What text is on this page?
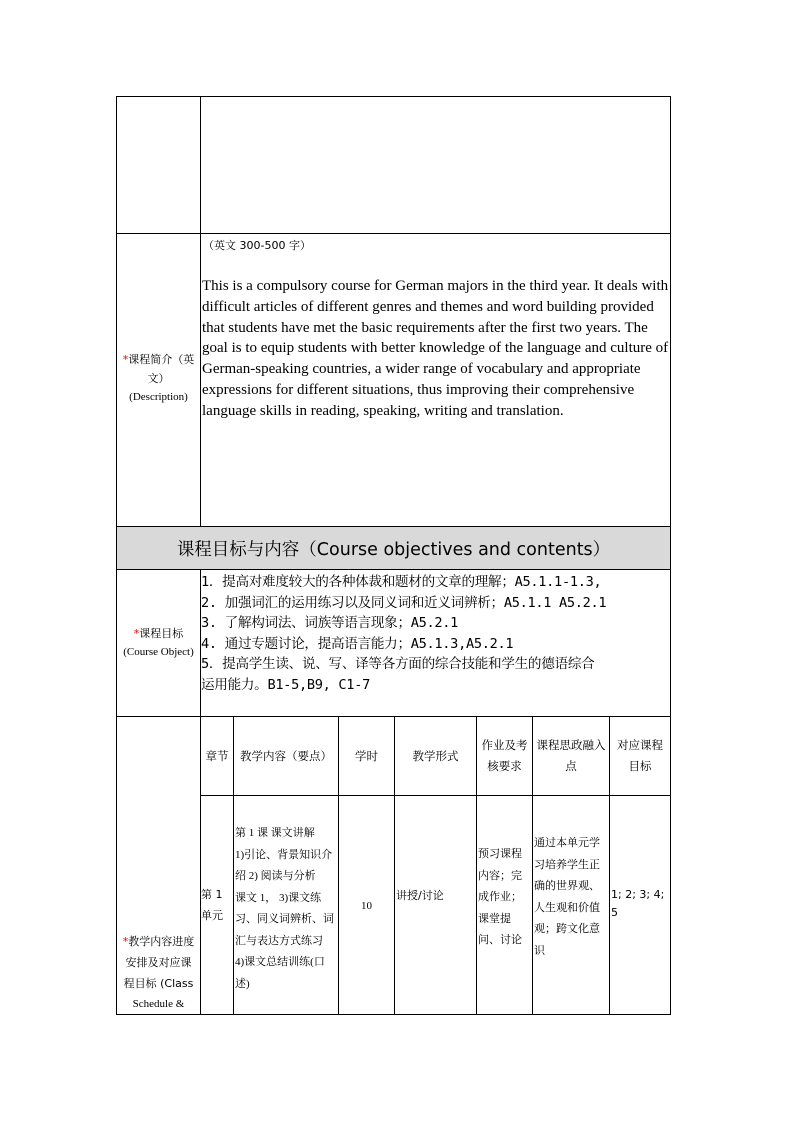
课程目标与内容（Course objectives and contents）
*课程简介（英
文）
(Description)
（英文 300-500 字）
This is a compulsory course for German majors in the third year. It deals with difficult articles of different genres and themes and word building provided that students have met the basic requirements after the first two years. The goal is to equip students with better knowledge of the language and culture of German-speaking countries, a wider range of vocabulary and appropriate expressions for different situations, thus improving their comprehensive language skills in reading, speaking, writing and translation.
*课程目标
(Course Object)
1．提高对难度较大的各种体裁和题材的文章的理解；A5.1.1-1.3,
2. 加强词汇的运用练习以及同义词和近义词辨析；A5.1.1 A5.2.1
3. 了解构词法、词族等语言现象；A5.2.1
4. 通过专题讨论，提高语言能力；A5.1.3,A5.2.1
5．提高学生读、说、写、译等各方面的综合技能和学生的德语综合
运用能力。B1-5,B9, C1-7
*教学内容进度
安排及对应课
程目标 (Class
Schedule &
章节 教学内容（要点） 学时	教学形式
作业及考
核要求
课程思政融入
点
对应课程
目标
第 1
单元
第 1 课 课文讲解
1)引论、背景知识介
绍 2) 阅读与分析
课文 1， 3)课文练
习、同义词辨析、词
汇与表达方式练习
4)课文总结训练(口
述)
10
讲授/讨论
预习课程
内容；完
成作业；
课堂提
问、讨论
通过本单元学
习培养学生正
确的世界观、
人生观和价值
观；跨文化意
识
1; 2; 3; 4;
5
